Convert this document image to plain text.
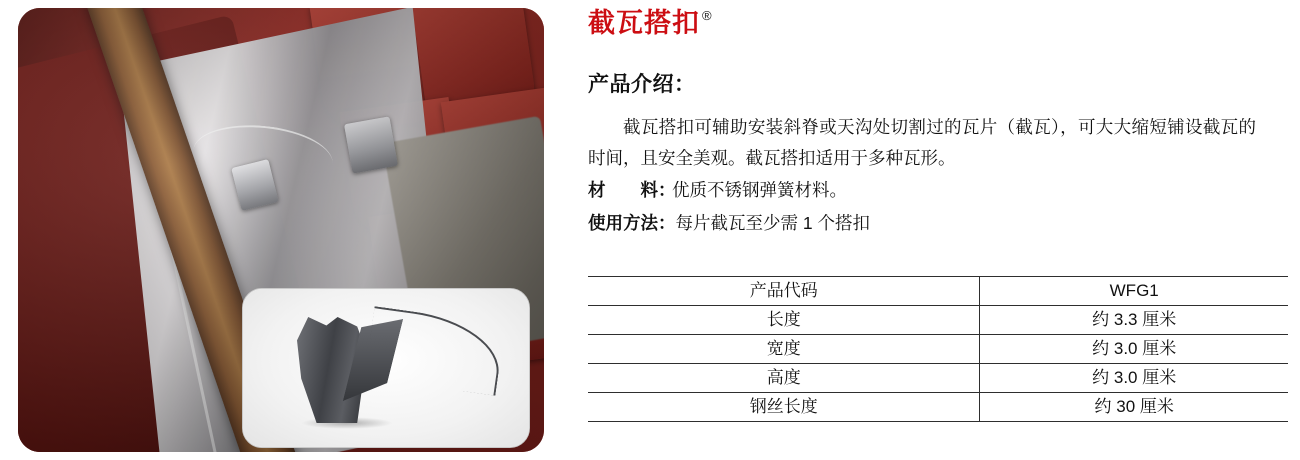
截瓦搭扣 ®
产品介绍：
截瓦搭扣可辅助安装斜脊或天沟处切割过的瓦片（截瓦），可大大缩短铺设截瓦的时间，且安全美观。截瓦搭扣适用于多种瓦形。
材　　料：优质不锈钢弹簧材料。
使用方法：每片截瓦至少需 1 个搭扣
产品代码	WFG1
长度	约 3.3 厘米
宽度	约 3.0 厘米
高度	约 3.0 厘米
钢丝长度	约 30 厘米
